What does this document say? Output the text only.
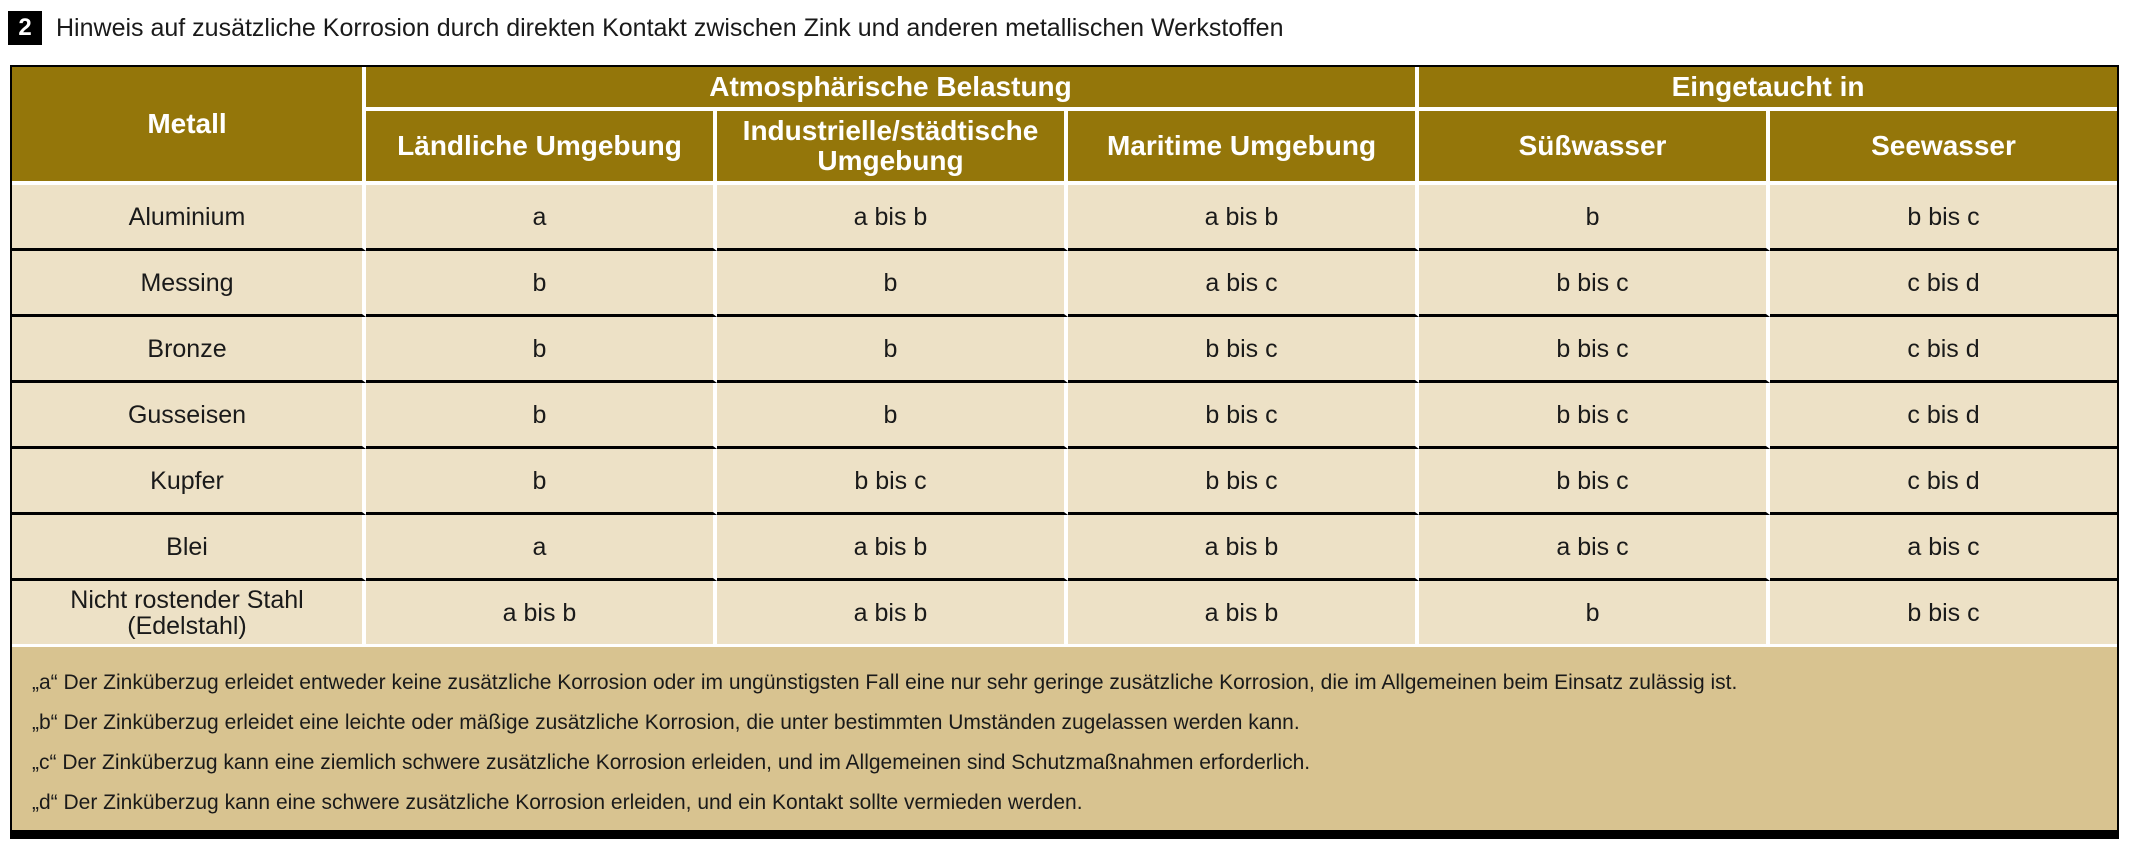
2 Hinweis auf zusätzliche Korrosion durch direkten Kontakt zwischen Zink und anderen metallischen Werkstoffen
Metall	Atmosphärische Belastung			Eingetaucht in	
	Ländliche Umgebung	Industrielle/städtische Umgebung	Maritime Umgebung	Süßwasser	Seewasser
Aluminium	a	a bis b	a bis b	b	b bis c
Messing	b	b	a bis c	b bis c	c bis d
Bronze	b	b	b bis c	b bis c	c bis d
Gusseisen	b	b	b bis c	b bis c	c bis d
Kupfer	b	b bis c	b bis c	b bis c	c bis d
Blei	a	a bis b	a bis b	a bis c	a bis c
Nicht rostender Stahl (Edelstahl)	a bis b	a bis b	a bis b	b	b bis c
„a“ Der Zinküberzug erleidet entweder keine zusätzliche Korrosion oder im ungünstigsten Fall eine nur sehr geringe zusätzliche Korrosion, die im Allgemeinen beim Einsatz zulässig ist.
„b“ Der Zinküberzug erleidet eine leichte oder mäßige zusätzliche Korrosion, die unter bestimmten Umständen zugelassen werden kann.
„c“ Der Zinküberzug kann eine ziemlich schwere zusätzliche Korrosion erleiden, und im Allgemeinen sind Schutzmaßnahmen erforderlich.
„d“ Der Zinküberzug kann eine schwere zusätzliche Korrosion erleiden, und ein Kontakt sollte vermieden werden.
